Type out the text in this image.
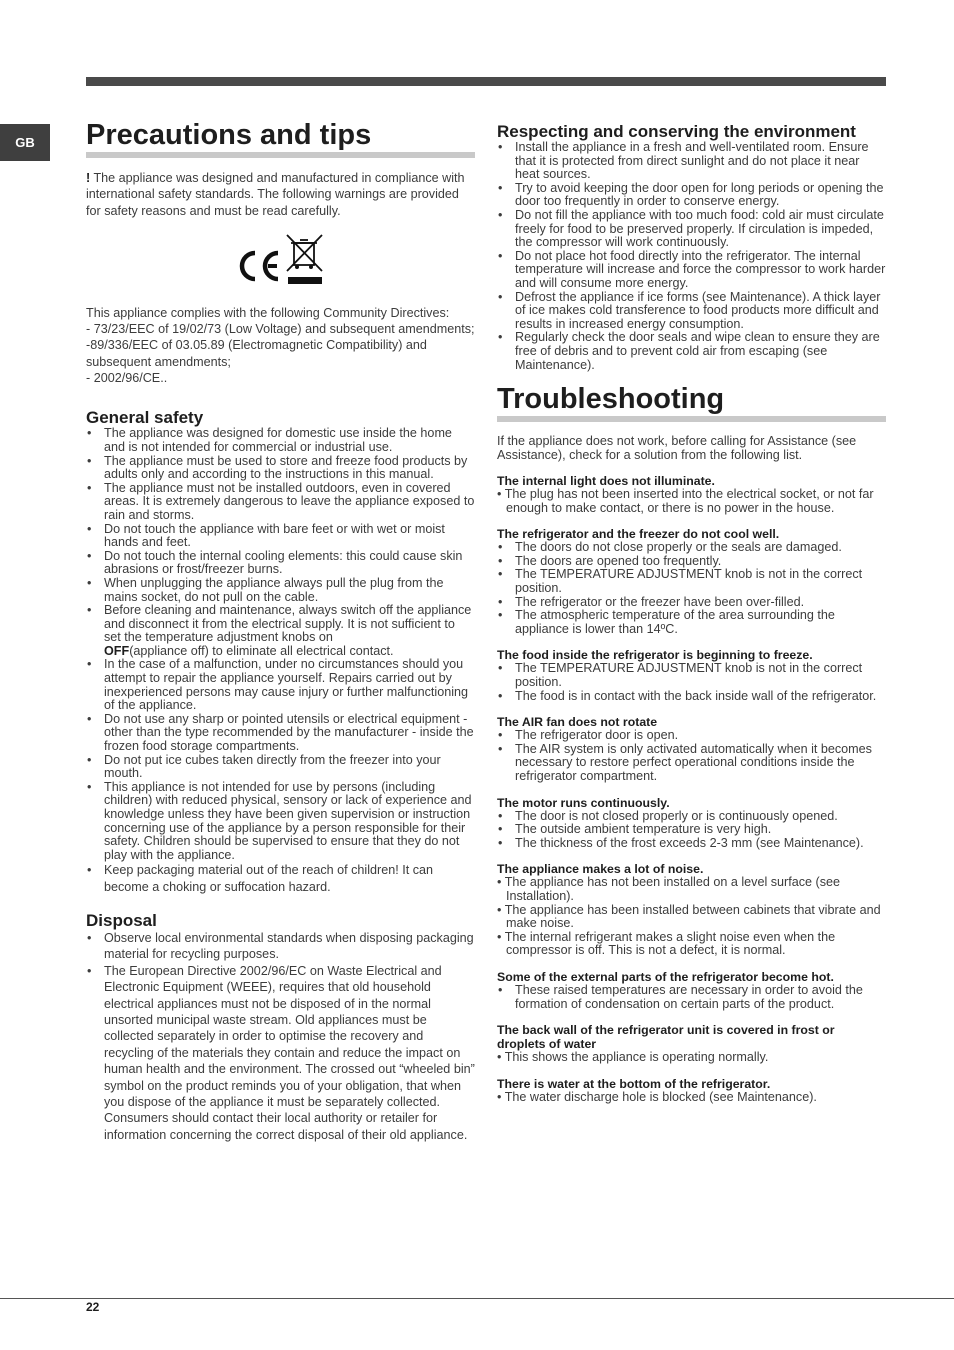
GB	Precautions and tips

! The appliance was designed and manufactured in compliance with international safety standards. The following warnings are provided for safety reasons and must be read carefully.

This appliance complies with the following Community Directives:

- 73/23/EEC of 19/02/73 (Low Voltage) and subsequent amendments;

-89/336/EEC of 03.05.89 (Electromagnetic Compatibility) and subsequent amendments;

- 2002/96/CE..

General safety
• The appliance was designed for domestic use inside the home and is not intended for commercial or industrial use.
• The appliance must be used to store and freeze food products by adults only and according to the instructions in this manual.
• The appliance must not be installed outdoors, even in covered areas. It is extremely dangerous to leave the appliance exposed to rain and storms.
• Do not touch the appliance with bare feet or with wet or moist hands and feet.
• Do not touch the internal cooling elements: this could cause skin abrasions or frost/freezer burns.
• When unplugging the appliance always pull the plug from the mains socket, do not pull on the cable.
• Before cleaning and maintenance, always switch off the appliance and disconnect it from the electrical supply. It is not sufficient to set the temperature adjustment knobs on
OFF(appliance off) to eliminate all electrical contact.
• In the case of a malfunction, under no circumstances should you attempt to repair the appliance yourself. Repairs carried out by inexperienced persons may cause injury or further malfunctioning of the appliance.
• Do not use any sharp or pointed utensils or electrical equipment - other than the type recommended by the manufacturer - inside the frozen food storage compartments.
• Do not put ice cubes taken directly from the freezer into your mouth.
• This appliance is not intended for use by persons (including children) with reduced physical, sensory or lack of experience and knowledge unless they have been given supervision or instruction concerning use of the appliance by a person responsible for their safety. Children should be supervised to ensure that they do not play with the appliance.
• Keep packaging material out of the reach of children! It can become a choking or suffocation hazard.
Disposal
• Observe local environmental standards when disposing packaging material for recycling purposes.
• The European Directive 2002/96/EC on Waste Electrical and Electronic Equipment (WEEE), requires that old household electrical appliances must not be disposed of in the normal unsorted municipal waste stream. Old appliances must be collected separately in order to optimise the recovery and recycling of the materials they contain and reduce the impact on human health and the environment. The crossed out “wheeled bin” symbol on the product reminds you of your obligation, that when you dispose of the appliance it must be separately collected. Consumers should contact their local authority or retailer for information concerning the correct disposal of their old appliance.
Respecting and conserving the environment
• Install the appliance in a fresh and well-ventilated room. Ensure that it is protected from direct sunlight and do not place it near heat sources.
• Try to avoid keeping the door open for long periods or opening the door too frequently in order to conserve energy.
• Do not fill the appliance with too much food: cold air must circulate freely for food to be preserved properly. If circulation is impeded, the compressor will work continuously.
• Do not place hot food directly into the refrigerator. The internal temperature will increase and force the compressor to work harder and will consume more energy.
• Defrost the appliance if ice forms (see Maintenance). A thick layer of ice makes cold transference to food products more difficult and results in increased energy consumption.
• Regularly check the door seals and wipe clean to ensure they are free of debris and to prevent cold air from escaping (see Maintenance).
Troubleshooting

If the appliance does not work, before calling for Assistance (see Assistance), check for a solution from the following list.

The internal light does not illuminate.

• The plug has not been inserted into the electrical socket, or not far enough to make contact, or there is no power in the house.

The refrigerator and the freezer do not cool well.

• The doors do not close properly or the seals are damaged.
• The doors are opened too frequently.
• The TEMPERATURE ADJUSTMENT knob is not in the correct position.
• The refrigerator or the freezer have been over-filled.
• The atmospheric temperature of the area surrounding the appliance is lower than 14ºC.

The food inside the refrigerator is beginning to freeze.

• The TEMPERATURE ADJUSTMENT knob is not in the correct position.
• The food is in contact with the back inside wall of the refrigerator.

The AIR fan does not rotate

• The refrigerator door is open.
• The AIR system is only activated automatically when it becomes necessary to restore perfect operational conditions inside the refrigerator compartment.

The motor runs continuously.

• The door is not closed properly or is continuously opened.
• The outside ambient temperature is very high.
• The thickness of the frost exceeds 2-3 mm (see Maintenance).

The appliance makes a lot of noise.

• The appliance has not been installed on a level surface (see Installation).

• The appliance has been installed between cabinets that vibrate and make noise.

• The internal refrigerant makes a slight noise even when the compressor is off. This is not a defect, it is normal.

Some of the external parts of the refrigerator become hot.

• These raised temperatures are necessary in order to avoid the formation of condensation on certain parts of the product.

The back wall of the refrigerator unit is covered in frost or droplets of water

• This shows the appliance is operating normally.

There is water at the bottom of the refrigerator.

• The water discharge hole is blocked (see Maintenance).

22
